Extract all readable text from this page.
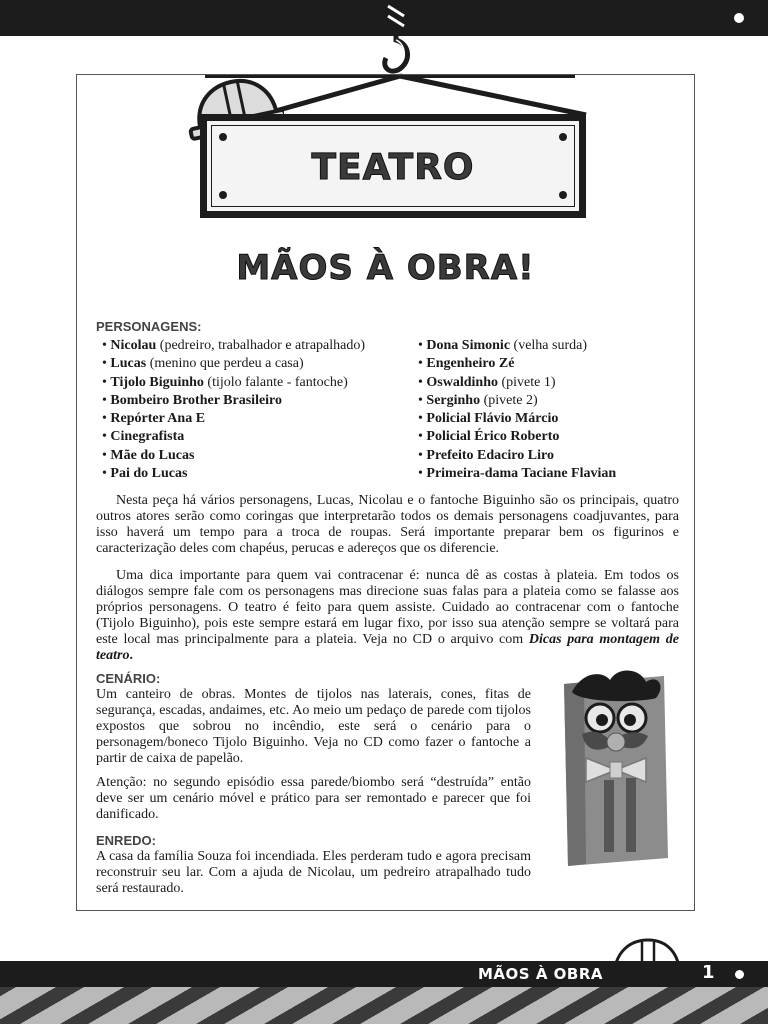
TEATRO
MÃOS À OBRA!
PERSONAGENS:
• Nicolau (pedreiro, trabalhador e atrapalhado)
• Lucas (menino que perdeu a casa)
• Tijolo Biguinho (tijolo falante - fantoche)
• Bombeiro Brother Brasileiro
• Repórter Ana E
• Cinegrafista
• Mãe do Lucas
• Pai do Lucas
• Dona Simonic (velha surda)
• Engenheiro Zé
• Oswaldinho (pivete 1)
• Serginho (pivete 2)
• Policial Flávio Márcio
• Policial Érico Roberto
• Prefeito Edaciro Liro
• Primeira-dama Taciane Flavian

Nesta peça há vários personagens, Lucas, Nicolau e o fantoche Biguinho são os principais, quatro outros atores serão como coringas que interpretarão todos os demais personagens coadjuvantes, para isso haverá um tempo para a troca de roupas. Será importante preparar bem os figurinos e caracterização deles com chapéus, perucas e adereços que os diferencie.

Uma dica importante para quem vai contracenar é: nunca dê as costas à plateia. Em todos os diálogos sempre fale com os personagens mas direcione suas falas para a plateia como se falasse aos próprios personagens. O teatro é feito para quem assiste. Cuidado ao contracenar com o fantoche (Tijolo Biguinho), pois este sempre estará em lugar fixo, por isso sua atenção sempre se voltará para este local mas principalmente para a plateia. Veja no CD o arquivo com Dicas para montagem de teatro.

CENÁRIO:

Um canteiro de obras. Montes de tijolos nas laterais, cones, fitas de segurança, escadas, andaimes, etc. Ao meio um pedaço de parede com tijolos expostos que sobrou no incêndio, este será o cenário para o personagem/boneco Tijolo Biguinho. Veja no CD como fazer o fantoche a partir de caixa de papelão.

Atenção: no segundo episódio essa parede/biombo será “destruída” então deve ser um cenário móvel e prático para ser remontado e parecer que foi danificado.

ENREDO:

A casa da família Souza foi incendiada. Eles perderam tudo e agora precisam reconstruir seu lar. Com a ajuda de Nicolau, um pedreiro atrapalhado tudo será restaurado.

MÃOS À OBRA	1
